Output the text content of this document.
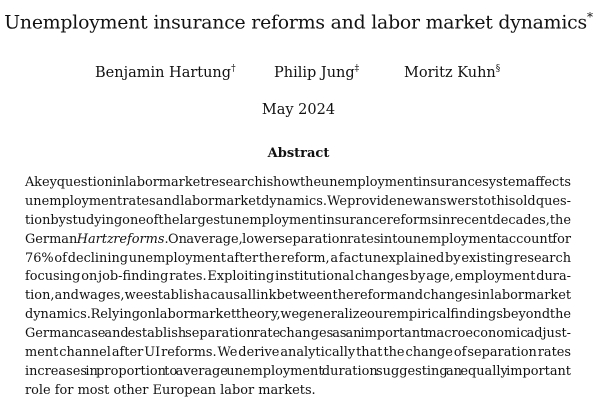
Unemployment insurance reforms and labor market dynamics*
Benjamin Hartung†	Philip Jung‡	Moritz Kuhn§
May 2024
Abstract
A key question in labor market research is how the unemployment insurance system affects
unemployment rates and labor market dynamics. We provide new answers to this old ques-
tion by studying one of the largest unemployment insurance reforms in recent decades, the
German Hartz reforms. On average, lower separation rates into unemployment account for
76% of declining unemployment after the reform, a fact unexplained by existing research
focusing on job-finding rates. Exploiting institutional changes by age, employment dura-
tion, and wages, we establish a causal link between the reform and changes in labor market
dynamics. Relying on labor market theory, we generalize our empirical findings beyond the
German case and establish separation rate changes as an important macroeconomic adjust-
ment channel after UI reforms. We derive analytically that the change of separation rates
increases in proportion to average unemployment duration suggesting an equally important
role for most other European labor markets.
